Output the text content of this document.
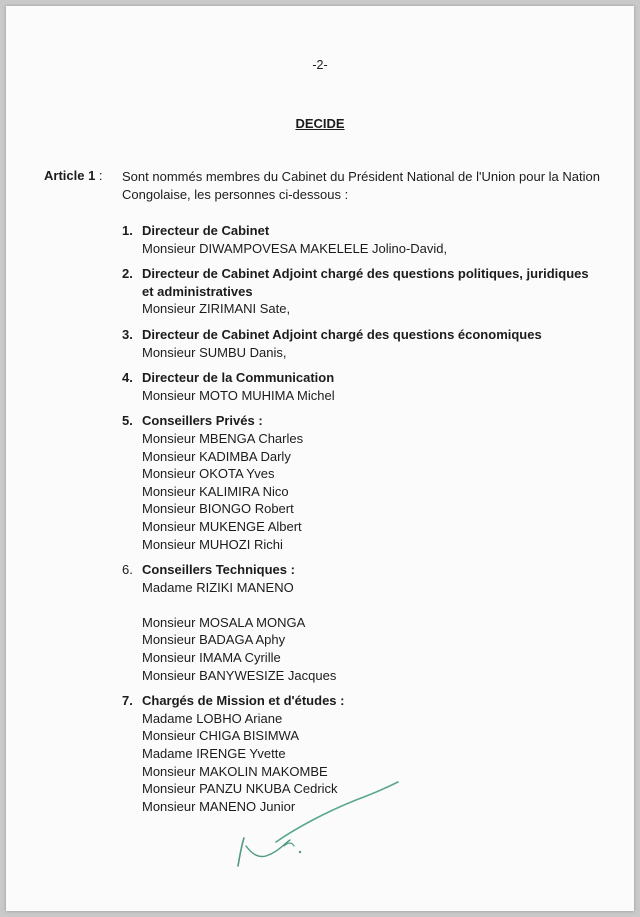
-2-
DECIDE
Article 1 : Sont nommés membres du Cabinet du Président National de l'Union pour la Nation Congolaise, les personnes ci-dessous :
1. Directeur de Cabinet
Monsieur DIWAMPOVESA MAKELELE Jolino-David,
2. Directeur de Cabinet Adjoint chargé des questions politiques, juridiques et administratives
Monsieur ZIRIMANI Sate,
3. Directeur de Cabinet Adjoint chargé des questions économiques
Monsieur SUMBU Danis,
4. Directeur de la Communication
Monsieur MOTO MUHIMA Michel
5. Conseillers Privés :
Monsieur MBENGA Charles
Monsieur KADIMBA Darly
Monsieur OKOTA Yves
Monsieur KALIMIRA Nico
Monsieur BIONGO Robert
Monsieur MUKENGE Albert
Monsieur MUHOZI Richi
6. Conseillers Techniques :
Madame RIZIKI MANENO
Monsieur MOSALA MONGA
Monsieur BADAGA Aphy
Monsieur IMAMA Cyrille
Monsieur BANYWESIZE Jacques
7. Chargés de Mission et d'études :
Madame LOBHO Ariane
Monsieur CHIGA BISIMWA
Madame IRENGE Yvette
Monsieur MAKOLIN MAKOMBE
Monsieur PANZU NKUBA Cedrick
Monsieur MANENO Junior
